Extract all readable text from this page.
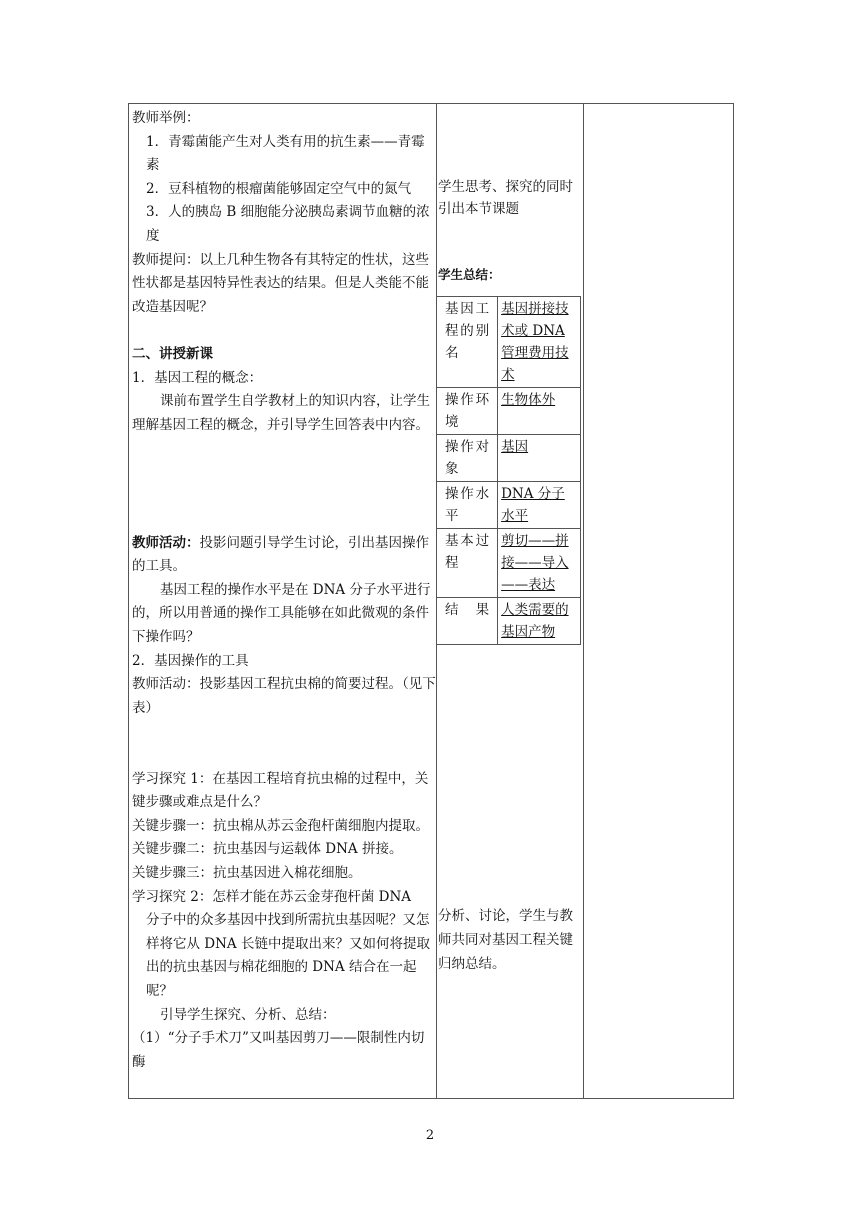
教师举例：

1．青霉菌能产生对人类有用的抗生素——青霉素

2．豆科植物的根瘤菌能够固定空气中的氮气

3．人的胰岛 B 细胞能分泌胰岛素调节血糖的浓度

教师提问：以上几种生物各有其特定的性状，这些性状都是基因特异性表达的结果。但是人类能不能改造基因呢？

二、讲授新课

1．基因工程的概念：

课前布置学生自学教材上的知识内容，让学生理解基因工程的概念，并引导学生回答表中内容。

教师活动：投影问题引导学生讨论，引出基因操作的工具。

基因工程的操作水平是在 DNA 分子水平进行的，所以用普通的操作工具能够在如此微观的条件下操作吗？

2．基因操作的工具

教师活动：投影基因工程抗虫棉的简要过程。（见下表）

学习探究 1：在基因工程培育抗虫棉的过程中，关键步骤或难点是什么？

关键步骤一：抗虫棉从苏云金孢杆菌细胞内提取。

关键步骤二：抗虫基因与运载体 DNA 拼接。

关键步骤三：抗虫基因进入棉花细胞。

学习探究 2：怎样才能在苏云金芽孢杆菌 DNA

分子中的众多基因中找到所需抗虫基因呢？又怎样将它从 DNA 长链中提取出来？又如何将提取出的抗虫基因与棉花细胞的 DNA 结合在一起呢？

引导学生探究、分析、总结：

（1）“分子手术刀”又叫基因剪刀——限制性内切酶

学生思考、探究的同时引出本节课题

学生总结：

分析、讨论，学生与教师共同对基因工程关键归纳总结。

基因工程的别名	基因拼接技术或 DNA 管理费用技术
操作环境	生物体外
操作对象	基因
操作水平	DNA 分子水平
基本过程	剪切——拼接——导入——表达
结果	人类需要的基因产物
2
